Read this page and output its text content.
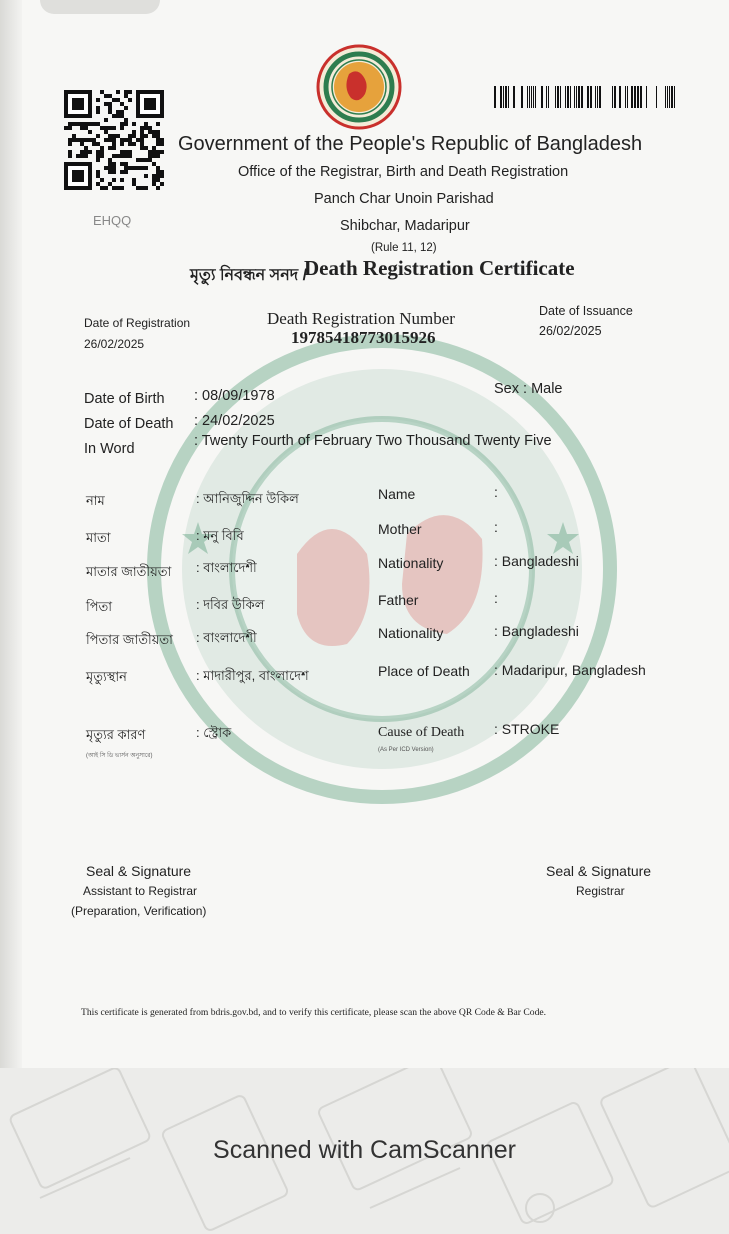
EHQQ
Government of the People's Republic of Bangladesh
Office of the Registrar, Birth and Death Registration
Panch Char Unoin Parishad
Shibchar, Madaripur
(Rule 11, 12)
মৃত্যু নিবন্ধন সনদ /
Death Registration Certificate
Date of Registration
26/02/2025
Death Registration Number
19785418773015926
Date of Issuance
26/02/2025
Date of Birth : 08/09/1978
Date of Death : 24/02/2025
In Word	: Twenty Fourth of February Two Thousand Twenty Five
Sex : Male
নাম	: আনিজুদ্দিন উকিল	Name	:
মাতা	: মনু বিবি	Mother	:
মাতার জাতীয়তা : বাংলাদেশী	Nationality	: Bangladeshi
পিতা	: দবির উকিল	Father	:
পিতার জাতীয়তা : বাংলাদেশী	Nationality	: Bangladeshi
মৃত্যুস্থান	: মাদারীপুর, বাংলাদেশ	Place of Death : Madaripur, Bangladesh
মৃত্যুর কারণ
(আই সি ডি ভার্সন অনুসারে)
: স্ট্রোক	Cause of Death
(As Per ICD Version)
: STROKE
Seal & Signature
Assistant to Registrar
(Preparation, Verification)
Seal & Signature
Registrar
This certificate is generated from bdris.gov.bd, and to verify this certificate, please scan the above QR Code & Bar Code.
Scanned with CamScanner
